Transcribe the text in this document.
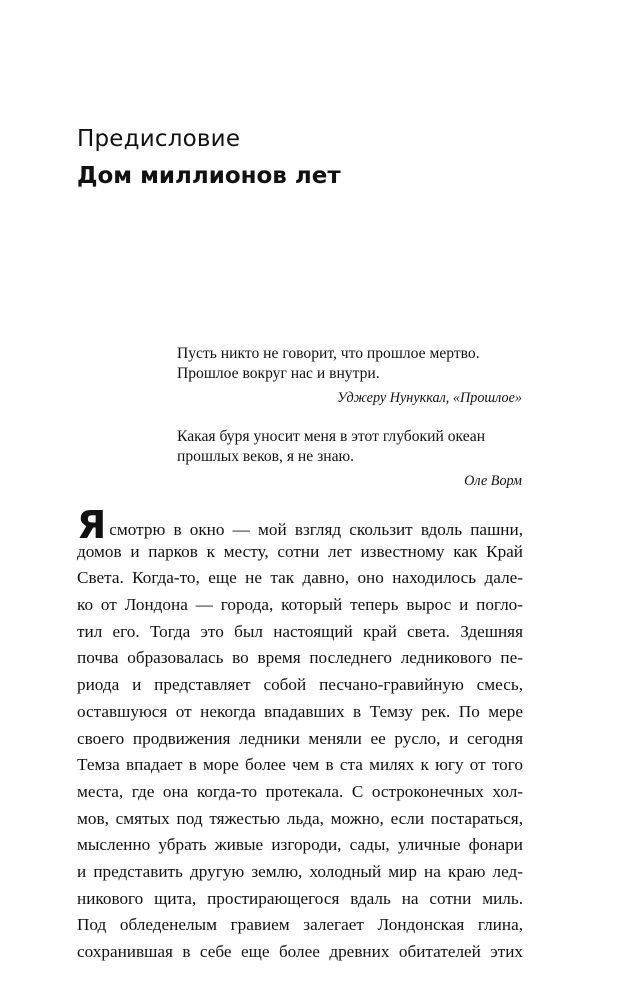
Предисловие
Дом миллионов лет

Пусть никто не говорит, что прошлое мертво.
Прошлое вокруг нас и внутри.

Уджеру Нунуккал, «Прошлое»

Какая буря уносит меня в этот глубокий океан
прошлых веков, я не знаю.

Оле Ворм

Ясмотрю в окно — мой взгляд скользит вдоль пашни,
домов и парков к месту, сотни лет известному как Край
Света. Когда-то, еще не так давно, оно находилось дале-
ко от Лондона — города, который теперь вырос и погло-
тил его. Тогда это был настоящий край света. Здешняя
почва образовалась во время последнего ледникового пе-
риода и представляет собой песчано-гравийную смесь,
оставшуюся от некогда впадавших в Темзу рек. По мере
своего продвижения ледники меняли ее русло, и сегодня
Темза впадает в море более чем в ста милях к югу от того
места, где она когда-то протекала. С остроконечных хол-
мов, смятых под тяжестью льда, можно, если постараться,
мысленно убрать живые изгороди, сады, уличные фонари
и представить другую землю, холодный мир на краю лед-
никового щита, простирающегося вдаль на сотни миль.
Под обледенелым гравием залегает Лондонская глина,
сохранившая в себе еще более древних обитателей этих
